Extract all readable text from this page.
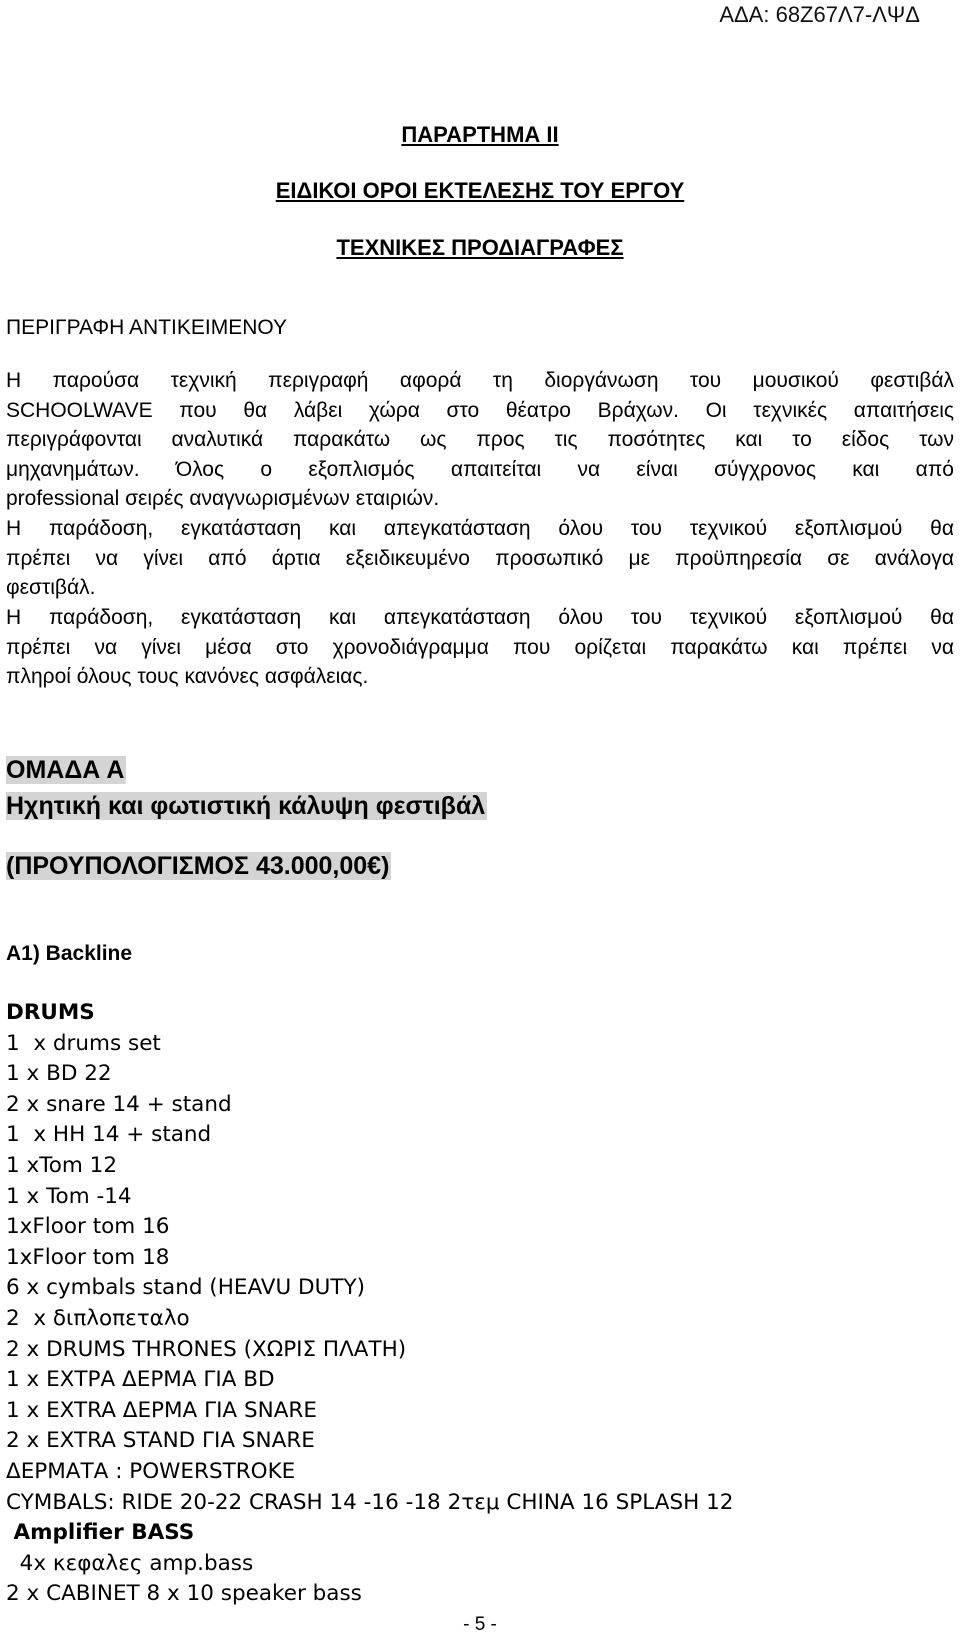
ΑΔΑ: 68Ζ67Λ7-ΛΨΔ
ΠΑΡΑΡΤΗΜΑ II
ΕΙΔΙΚΟΙ ΟΡΟΙ ΕΚΤΕΛΕΣΗΣ ΤΟΥ ΕΡΓΟΥ
ΤΕΧΝΙΚΕΣ ΠΡΟΔΙΑΓΡΑΦΕΣ
ΠΕΡΙΓΡΑΦΗ ΑΝΤΙΚΕΙΜΕΝΟΥ
Η παρούσα τεχνική περιγραφή αφορά τη διοργάνωση του μουσικού φεστιβάλ
SCHOOLWAVE που θα λάβει χώρα στο θέατρο Βράχων. Οι τεχνικές απαιτήσεις
περιγράφονται αναλυτικά παρακάτω ως προς τις ποσότητες και το είδος των
μηχανημάτων. Όλος ο εξοπλισμός απαιτείται να είναι σύγχρονος και από
professional σειρές αναγνωρισμένων εταιριών.
Η παράδοση, εγκατάσταση και απεγκατάσταση όλου του τεχνικού εξοπλισμού θα
πρέπει να γίνει από άρτια εξειδικευμένο προσωπικό με προϋπηρεσία σε ανάλογα
φεστιβάλ.
Η παράδοση, εγκατάσταση και απεγκατάσταση όλου του τεχνικού εξοπλισμού θα
πρέπει να γίνει μέσα στο χρονοδιάγραμμα που ορίζεται παρακάτω και πρέπει να
πληροί όλους τους κανόνες ασφάλειας.
ΟΜΑΔΑ Α
Ηχητική και φωτιστική κάλυψη φεστιβάλ
(ΠΡΟΥΠΟΛΟΓΙΣΜΟΣ 43.000,00€)
Α1) Backline
DRUMS
1  x drums set
1 x BD 22
2 x snare 14 + stand
1  x HH 14 + stand
1 xTom 12
1 x Tom -14
1xFloor tom 16
1xFloor tom 18
6 x cymbals stand (HEAVU DUTY)
2  x διπλοπεταλο
2 x DRUMS THRONES (ΧΩΡΙΣ ΠΛΑΤΗ)
1 x ΕΧΤΡΑ ΔΕΡΜΑ ΓΙΑ BD
1 x EXTRA ΔΕΡΜΑ ΓΙΑ SNARE
2 x EXTRA STAND ΓΙΑ SNARE
ΔΕΡΜΑΤΑ : POWERSTROKE
CYMBALS: RIDE 20-22 CRASH 14 -16 -18 2τεμ CHINA 16 SPLASH 12
Amplifier BASS
4x κεφαλες amp.bass
2 x CABINET 8 x 10 speaker bass
- 5 -
